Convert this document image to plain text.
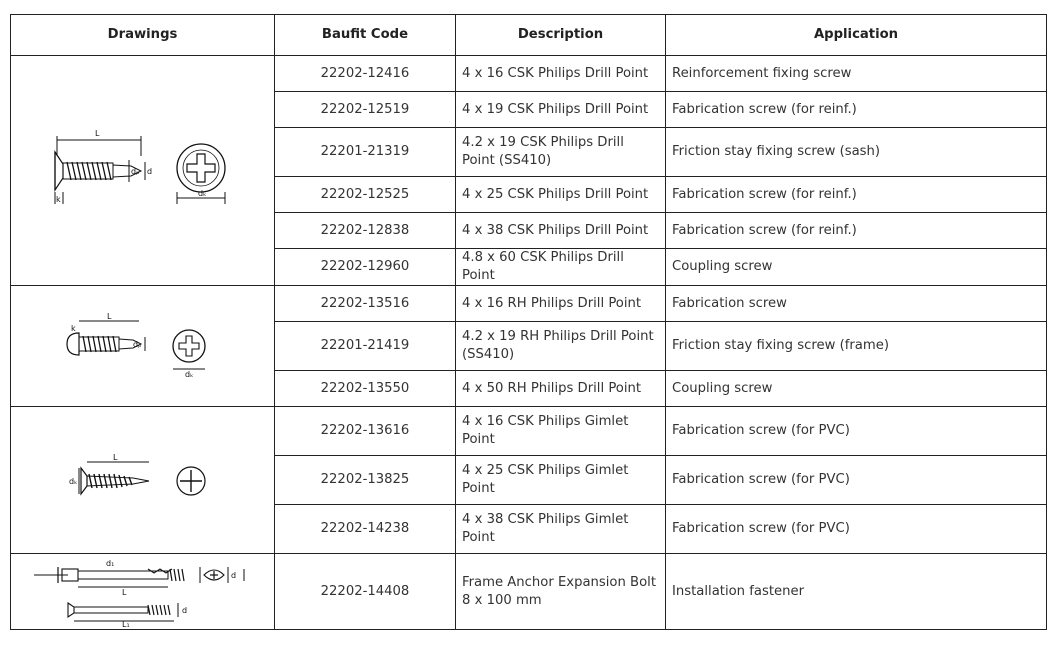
Drawings	Baufit Code	Description	Application

L
dₚ d
k
dₖ	22202-12416	4 x 16 CSK Philips Drill Point	Reinforcement fixing screw
	22202-12519	4 x 19 CSK Philips Drill Point	Fabrication screw (for reinf.)
	22201-21319	4.2 x 19 CSK Philips Drill Point (SS410)	Friction stay fixing screw (sash)
	22202-12525	4 x 25 CSK Philips Drill Point	Fabrication screw (for reinf.)
	22202-12838	4 x 38 CSK Philips Drill Point	Fabrication screw (for reinf.)
	22202-12960	4.8 x 60 CSK Philips Drill Point	Coupling screw

L
k
dₚ
dₖ	22202-13516	4 x 16 RH Philips Drill Point	Fabrication screw
	22201-21419	4.2 x 19 RH Philips Drill Point (SS410)	Friction stay fixing screw (frame)
	22202-13550	4 x 50 RH Philips Drill Point	Coupling screw

L
dₖ	22202-13616	4 x 16 CSK Philips Gimlet Point	Fabrication screw (for PVC)
	22202-13825	4 x 25 CSK Philips Gimlet Point	Fabrication screw (for PVC)
	22202-14238	4 x 38 CSK Philips Gimlet Point	Fabrication screw (for PVC)

d₁
L
d
d
L₁	22202-14408	Frame Anchor Expansion Bolt 8 x 100 mm	Installation fastener
